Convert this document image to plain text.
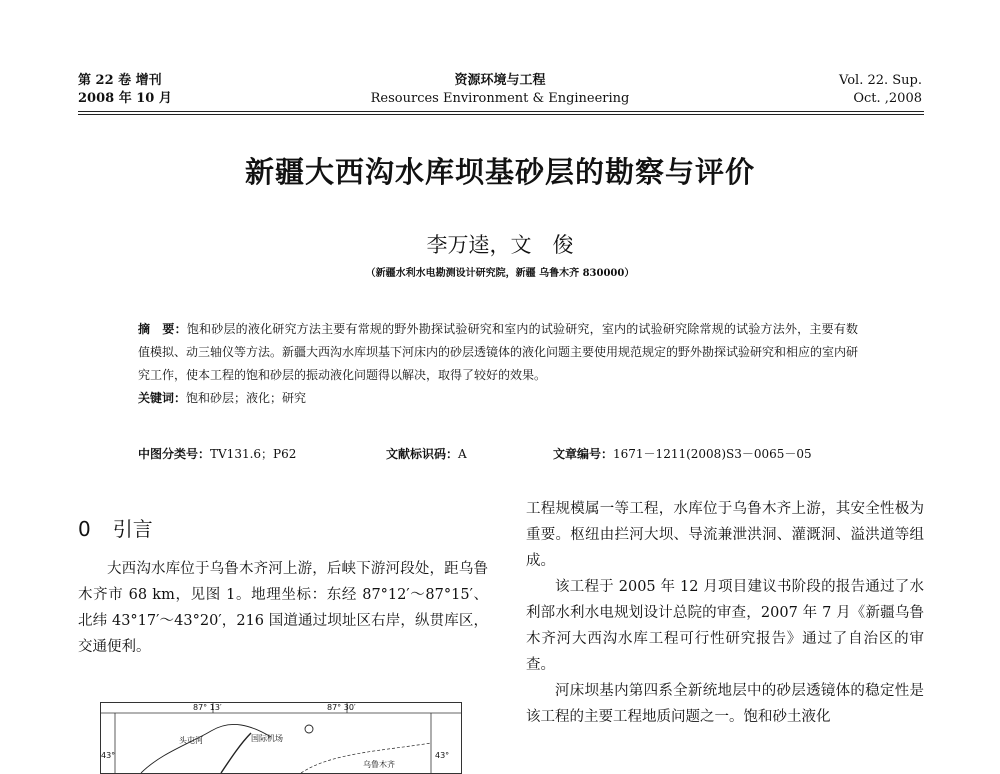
第 22 卷 增刊
2008 年 10 月
资源环境与工程
Resources Environment & Engineering
Vol. 22. Sup.
Oct. ,2008
新疆大西沟水库坝基砂层的勘察与评价
李万逵，文　俊
（新疆水利水电勘测设计研究院，新疆 乌鲁木齐 830000）
摘　要：饱和砂层的液化研究方法主要有常规的野外勘探试验研究和室内的试验研究，室内的试验研究除常规的试验方法外，主要有数值模拟、动三轴仪等方法。新疆大西沟水库坝基下河床内的砂层透镜体的液化问题主要使用规范规定的野外勘探试验研究和相应的室内研究工作，使本工程的饱和砂层的振动液化问题得以解决，取得了较好的效果。
关键词：饱和砂层；液化；研究
中图分类号：TV131.6；P62	文献标识码：A	文章编号：1671－1211(2008)S3－0065－05
0 引言

大西沟水库位于乌鲁木齐河上游，后峡下游河段处，距乌鲁木齐市 68 km，见图 1。地理坐标：东经 87°12′～87°15′、北纬 43°17′～43°20′，216 国道通过坝址区右岸，纵贯库区，交通便利。

工程规模属一等工程，水库位于乌鲁木齐上游，其安全性极为重要。枢纽由拦河大坝、导流兼泄洪洞、灌溉洞、溢洪道等组成。

该工程于 2005 年 12 月项目建议书阶段的报告通过了水利部水利水电规划设计总院的审查，2007 年 7 月《新疆乌鲁木齐河大西沟水库工程可行性研究报告》通过了自治区的审查。

河床坝基内第四系全新统地层中的砂层透镜体的稳定性是该工程的主要工程地质问题之一。饱和砂土液化

87° 13′	87° 30′
43°	43°
头屯河	国际机场
乌鲁木齐
